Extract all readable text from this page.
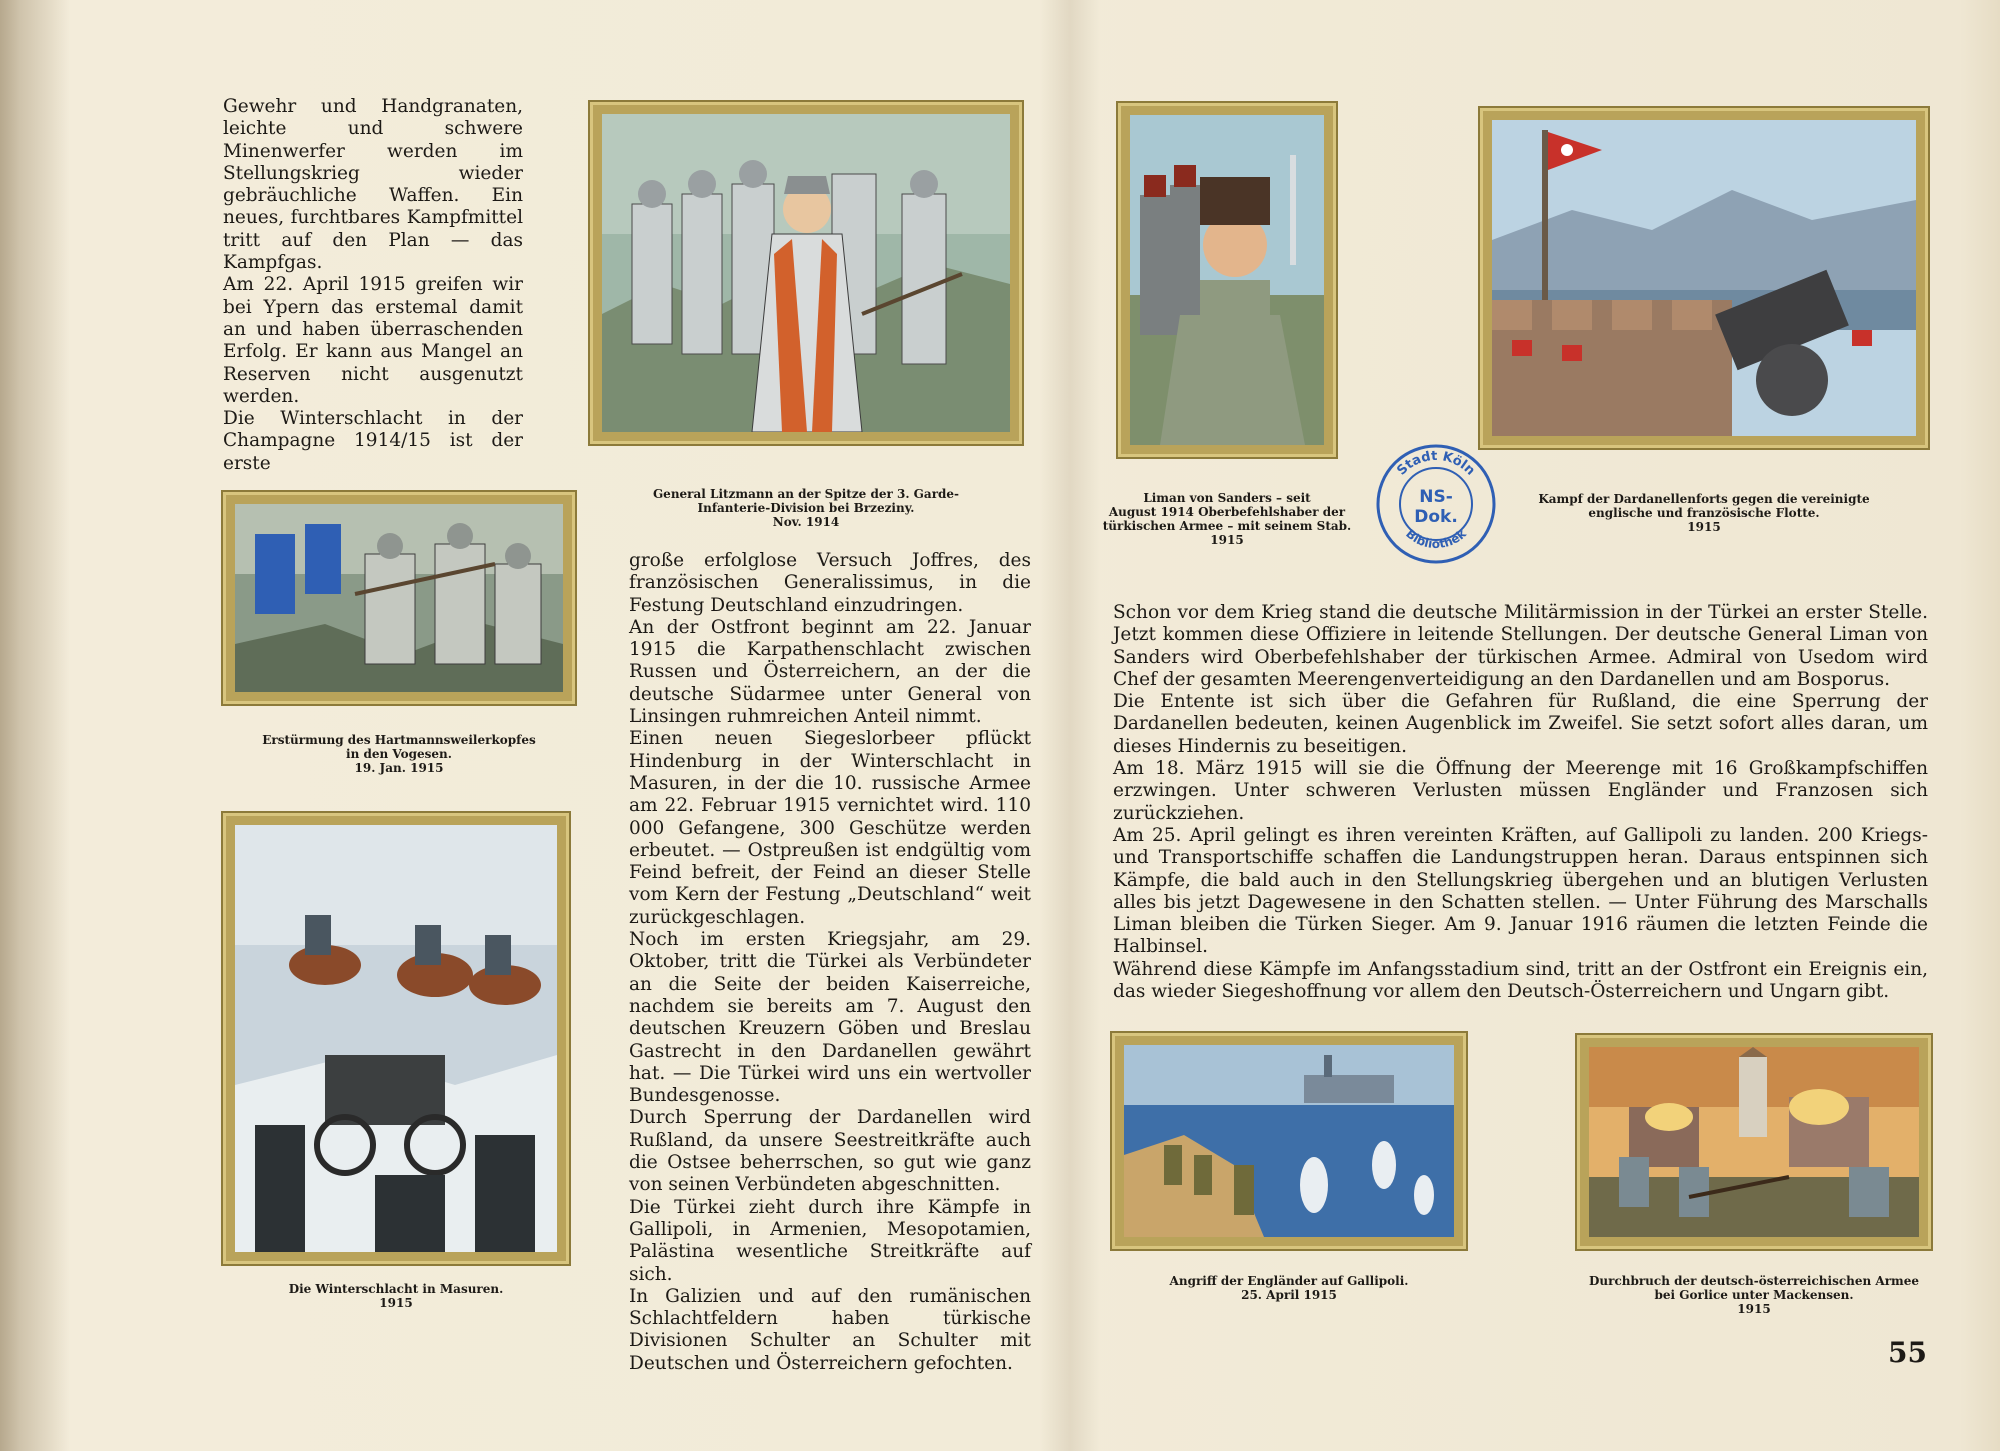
Gewehr und Handgranaten, leichte und schwere Minenwerfer werden im Stellungskrieg wieder gebräuchliche Waffen. Ein neues, furchtbares Kampfmittel tritt auf den Plan — das Kampfgas.
Am 22. April 1915 greifen wir bei Ypern das erstemal damit an und haben überraschenden Erfolg. Er kann aus Mangel an Reserven nicht ausgenutzt werden.
Die Winterschlacht in der Champagne 1914/15 ist der erste

General Litzmann an der Spitze der 3. Garde-
Infanterie-Division bei Brzeziny.
Nov. 1914

Erstürmung des Hartmannsweilerkopfes
in den Vogesen.
19. Jan. 1915

Die Winterschlacht in Masuren.
1915

große erfolglose Versuch Joffres, des französischen Generalissimus, in die Festung Deutschland einzudringen.
An der Ostfront beginnt am 22. Januar 1915 die Karpathenschlacht zwischen Russen und Österreichern, an der die deutsche Südarmee unter General von Linsingen ruhmreichen Anteil nimmt.
Einen neuen Siegeslorbeer pflückt Hindenburg in der Winterschlacht in Masuren, in der die 10. russische Armee am 22. Februar 1915 vernichtet wird. 110 000 Gefangene, 300 Geschütze werden erbeutet. — Ostpreußen ist endgültig vom Feind befreit, der Feind an dieser Stelle vom Kern der Festung „Deutschland“ weit zurückgeschlagen.
Noch im ersten Kriegsjahr, am 29. Oktober, tritt die Türkei als Verbündeter an die Seite der beiden Kaiserreiche, nachdem sie bereits am 7. August den deutschen Kreuzern Göben und Breslau Gastrecht in den Dardanellen gewährt hat. — Die Türkei wird uns ein wertvoller Bundesgenosse.
Durch Sperrung der Dardanellen wird Rußland, da unsere Seestreitkräfte auch die Ostsee beherrschen, so gut wie ganz von seinen Verbündeten abgeschnitten.
Die Türkei zieht durch ihre Kämpfe in Gallipoli, in Armenien, Mesopotamien, Palästina wesentliche Streitkräfte auf sich.
In Galizien und auf den rumänischen Schlachtfeldern haben türkische Divisionen Schulter an Schulter mit Deutschen und Österreichern gefochten.

Liman von Sanders – seit
August 1914 Oberbefehlshaber der
türkischen Armee – mit seinem Stab.
1915

Kampf der Dardanellenforts gegen die vereinigte
englische und französische Flotte.
1915

Stadt Köln
Bibliothek
NS-
Dok.

Schon vor dem Krieg stand die deutsche Militärmission in der Türkei an erster Stelle. Jetzt kommen diese Offiziere in leitende Stellungen. Der deutsche General Liman von Sanders wird Oberbefehlshaber der türkischen Armee. Admiral von Usedom wird Chef der gesamten Meerengenverteidigung an den Dardanellen und am Bosporus.
Die Entente ist sich über die Gefahren für Rußland, die eine Sperrung der Dardanellen bedeuten, keinen Augenblick im Zweifel. Sie setzt sofort alles daran, um dieses Hindernis zu beseitigen.
Am 18. März 1915 will sie die Öffnung der Meerenge mit 16 Großkampfschiffen erzwingen. Unter schweren Verlusten müssen Engländer und Franzosen sich zurückziehen.
Am 25. April gelingt es ihren vereinten Kräften, auf Gallipoli zu landen. 200 Kriegs- und Transportschiffe schaffen die Landungstruppen heran. Daraus entspinnen sich Kämpfe, die bald auch in den Stellungskrieg übergehen und an blutigen Verlusten alles bis jetzt Dagewesene in den Schatten stellen. — Unter Führung des Marschalls Liman bleiben die Türken Sieger. Am 9. Januar 1916 räumen die letzten Feinde die Halbinsel.
Während diese Kämpfe im Anfangsstadium sind, tritt an der Ostfront ein Ereignis ein, das wieder Siegeshoffnung vor allem den Deutsch-Österreichern und Ungarn gibt.

Angriff der Engländer auf Gallipoli.
25. April 1915

Durchbruch der deutsch-österreichischen Armee
bei Gorlice unter Mackensen.
1915

55
